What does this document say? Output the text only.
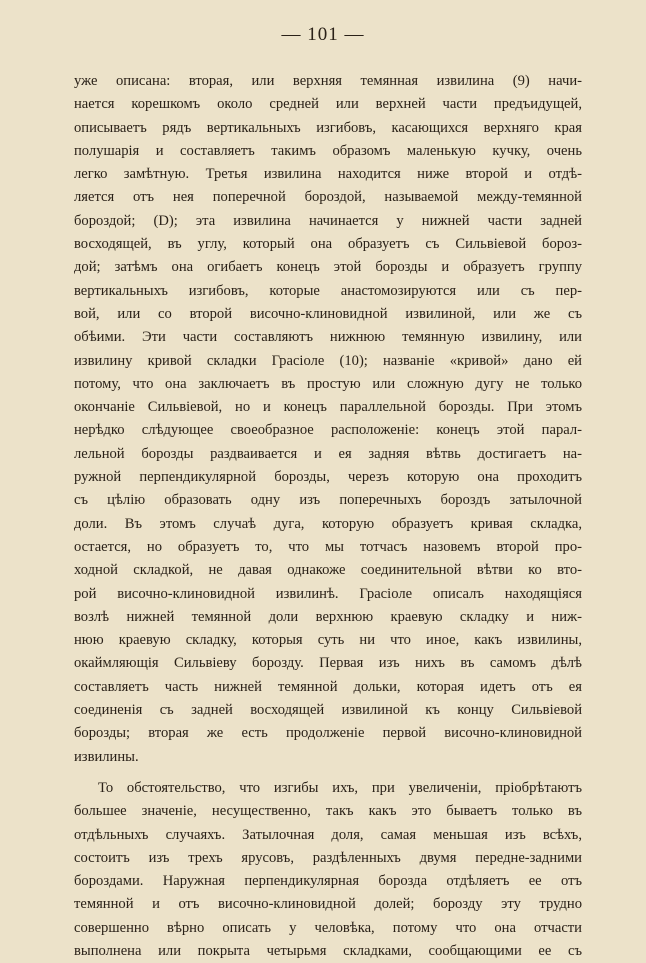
— 101 —
уже описана: вторая, или верхняя темянная извилина (9) начи-
нается корешкомъ около средней или верхней части предъидущей,
описываетъ рядъ вертикальныхъ изгибовъ, касающихся верхняго края
полушарія и составляетъ такимъ образомъ маленькую кучку, очень
легко замѣтную. Третья извилина находится ниже второй и отдѣ-
ляется отъ нея поперечной бороздой, называемой между-темянной
бороздой; (D); эта извилина начинается у нижней части задней
восходящей, въ углу, который она образуетъ съ Сильвіевой бороз-
дой; затѣмъ она огибаетъ конецъ этой борозды и образуетъ группу
вертикальныхъ изгибовъ, которые анастомозируются или съ пер-
вой, или со второй височно-клиновидной извилиной, или же съ
обѣими. Эти части составляютъ нижнюю темянную извилину, или
извилину кривой складки Грасіоле (10); названіе «кривой» дано ей
потому, что она заключаетъ въ простую или сложную дугу не только
окончаніе Сильвіевой, но и конецъ параллельной борозды. При этомъ
нерѣдко слѣдующее своеобразное расположеніе: конецъ этой парал-
лельной борозды раздваивается и ея задняя вѣтвь достигаетъ на-
ружной перпендикулярной борозды, черезъ которую она проходитъ
съ цѣлію образовать одну изъ поперечныхъ бороздъ затылочной
доли. Въ этомъ случаѣ дуга, которую образуетъ кривая складка,
остается, но образуетъ то, что мы тотчасъ назовемъ второй про-
ходной складкой, не давая однакоже соединительной вѣтви ко вто-
рой височно-клиновидной извилинѣ. Грасіоле описалъ находящіяся
возлѣ нижней темянной доли верхнюю краевую складку и ниж-
нюю краевую складку, которыя суть ни что иное, какъ извилины,
окаймляющія Сильвіеву борозду. Первая изъ нихъ въ самомъ дѣлѣ
составляетъ часть нижней темянной дольки, которая идетъ отъ ея
соединенія съ задней восходящей извилиной къ концу Сильвіевой
борозды; вторая же есть продолженіе первой височно-клиновидной
извилины.
То обстоятельство, что изгибы ихъ, при увеличеніи, пріобрѣтаютъ
большее значеніе, несущественно, такъ какъ это бываетъ только въ
отдѣльныхъ случаяхъ. Затылочная доля, самая меньшая изъ всѣхъ,
состоитъ изъ трехъ ярусовъ, раздѣленныхъ двумя передне-задними
бороздами. Наружная перпендикулярная борозда отдѣляетъ ее отъ
темянной и отъ височно-клиновидной долей; борозду эту трудно
совершенно вѣрно описать у человѣка, потому что она отчасти
выполнена или покрыта четырьмя складками, сообщающими ее съ
